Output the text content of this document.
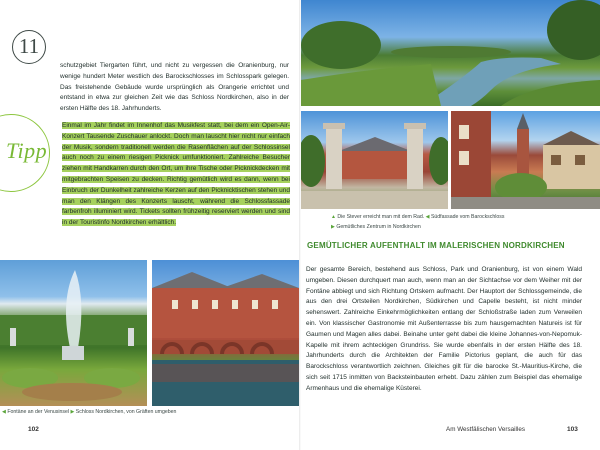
11
schutzgebiet Tiergarten führt, und nicht zu vergessen die Oranienburg, nur wenige hundert Meter westlich des Barockschlosses im Schlosspark gelegen. Das freistehende Gebäude wurde ursprünglich als Orangerie errichtet und entstand in etwa zur gleichen Zeit wie das Schloss Nordkirchen, also in der ersten Hälfte des 18. Jahrhunderts.
Tipp
Einmal im Jahr findet im Innenhof das Musikfest statt, bei dem ein Open-Air-Konzert Tausende Zuschauer anlockt. Doch man lauscht hier nicht nur einfach der Musik, sondern traditionell werden die Rasenflächen auf der Schlossinsel auch noch zu einem riesigen Picknick umfunktioniert. Zahlreiche Besucher ziehen mit Handkarren durch den Ort, um ihre Tische oder Picknickdecken mit mitgebrachten Speisen zu decken. Richtig gemütlich wird es dann, wenn bei Einbruch der Dunkelheit zahlreiche Kerzen auf den Picknicktischen stehen und man den Klängen des Konzerts lauscht, während die Schlossfassade farbenfroh illuminiert wird. Tickets sollten frühzeitig reserviert werden und sind in der Touristinfo Nordkirchen erhältlich.
◀ Fontäne an der Venusinsel ▶ Schloss Nordkirchen, von Gräften umgeben
102
▲ Die Stever erreicht man mit dem Rad. ◀ Südfassade vom Barockschloss
▶ Gemütliches Zentrum in Nordkirchen
GEMÜTLICHER AUFENTHALT IM MALERISCHEN NORDKIRCHEN
Der gesamte Bereich, bestehend aus Schloss, Park und Oranienburg, ist von einem Wald umgeben. Diesen durchquert man auch, wenn man an der Sichtachse vor dem Weiher mit der Fontäne abbiegt und sich Richtung Ortskern aufmacht. Der Hauptort der Schlossgemeinde, die aus den drei Ortsteilen Nordkirchen, Südkirchen und Capelle besteht, ist nicht minder sehenswert. Zahlreiche Einkehrmöglichkeiten entlang der Schloßstraße laden zum Verweilen ein. Von klassischer Gastronomie mit Außenterrasse bis zum hausgemachten Natureis ist für Gaumen und Magen alles dabei. Beinahe unter geht dabei die kleine Johannes-von-Nepomuk-Kapelle mit ihrem achteckigen Grundriss. Sie wurde ebenfalls in der ersten Hälfte des 18. Jahrhunderts durch die Architekten der Familie Pictorius geplant, die auch für das Barockschloss verantwortlich zeichnen. Gleiches gilt für die barocke St.-Mauritius-Kirche, die sich seit 1715 inmitten von Backsteinbauten erhebt. Dazu zählen zum Beispiel das ehemalige Armenhaus und die ehemalige Küsterei.
Am Westfälischen Versailles	103
